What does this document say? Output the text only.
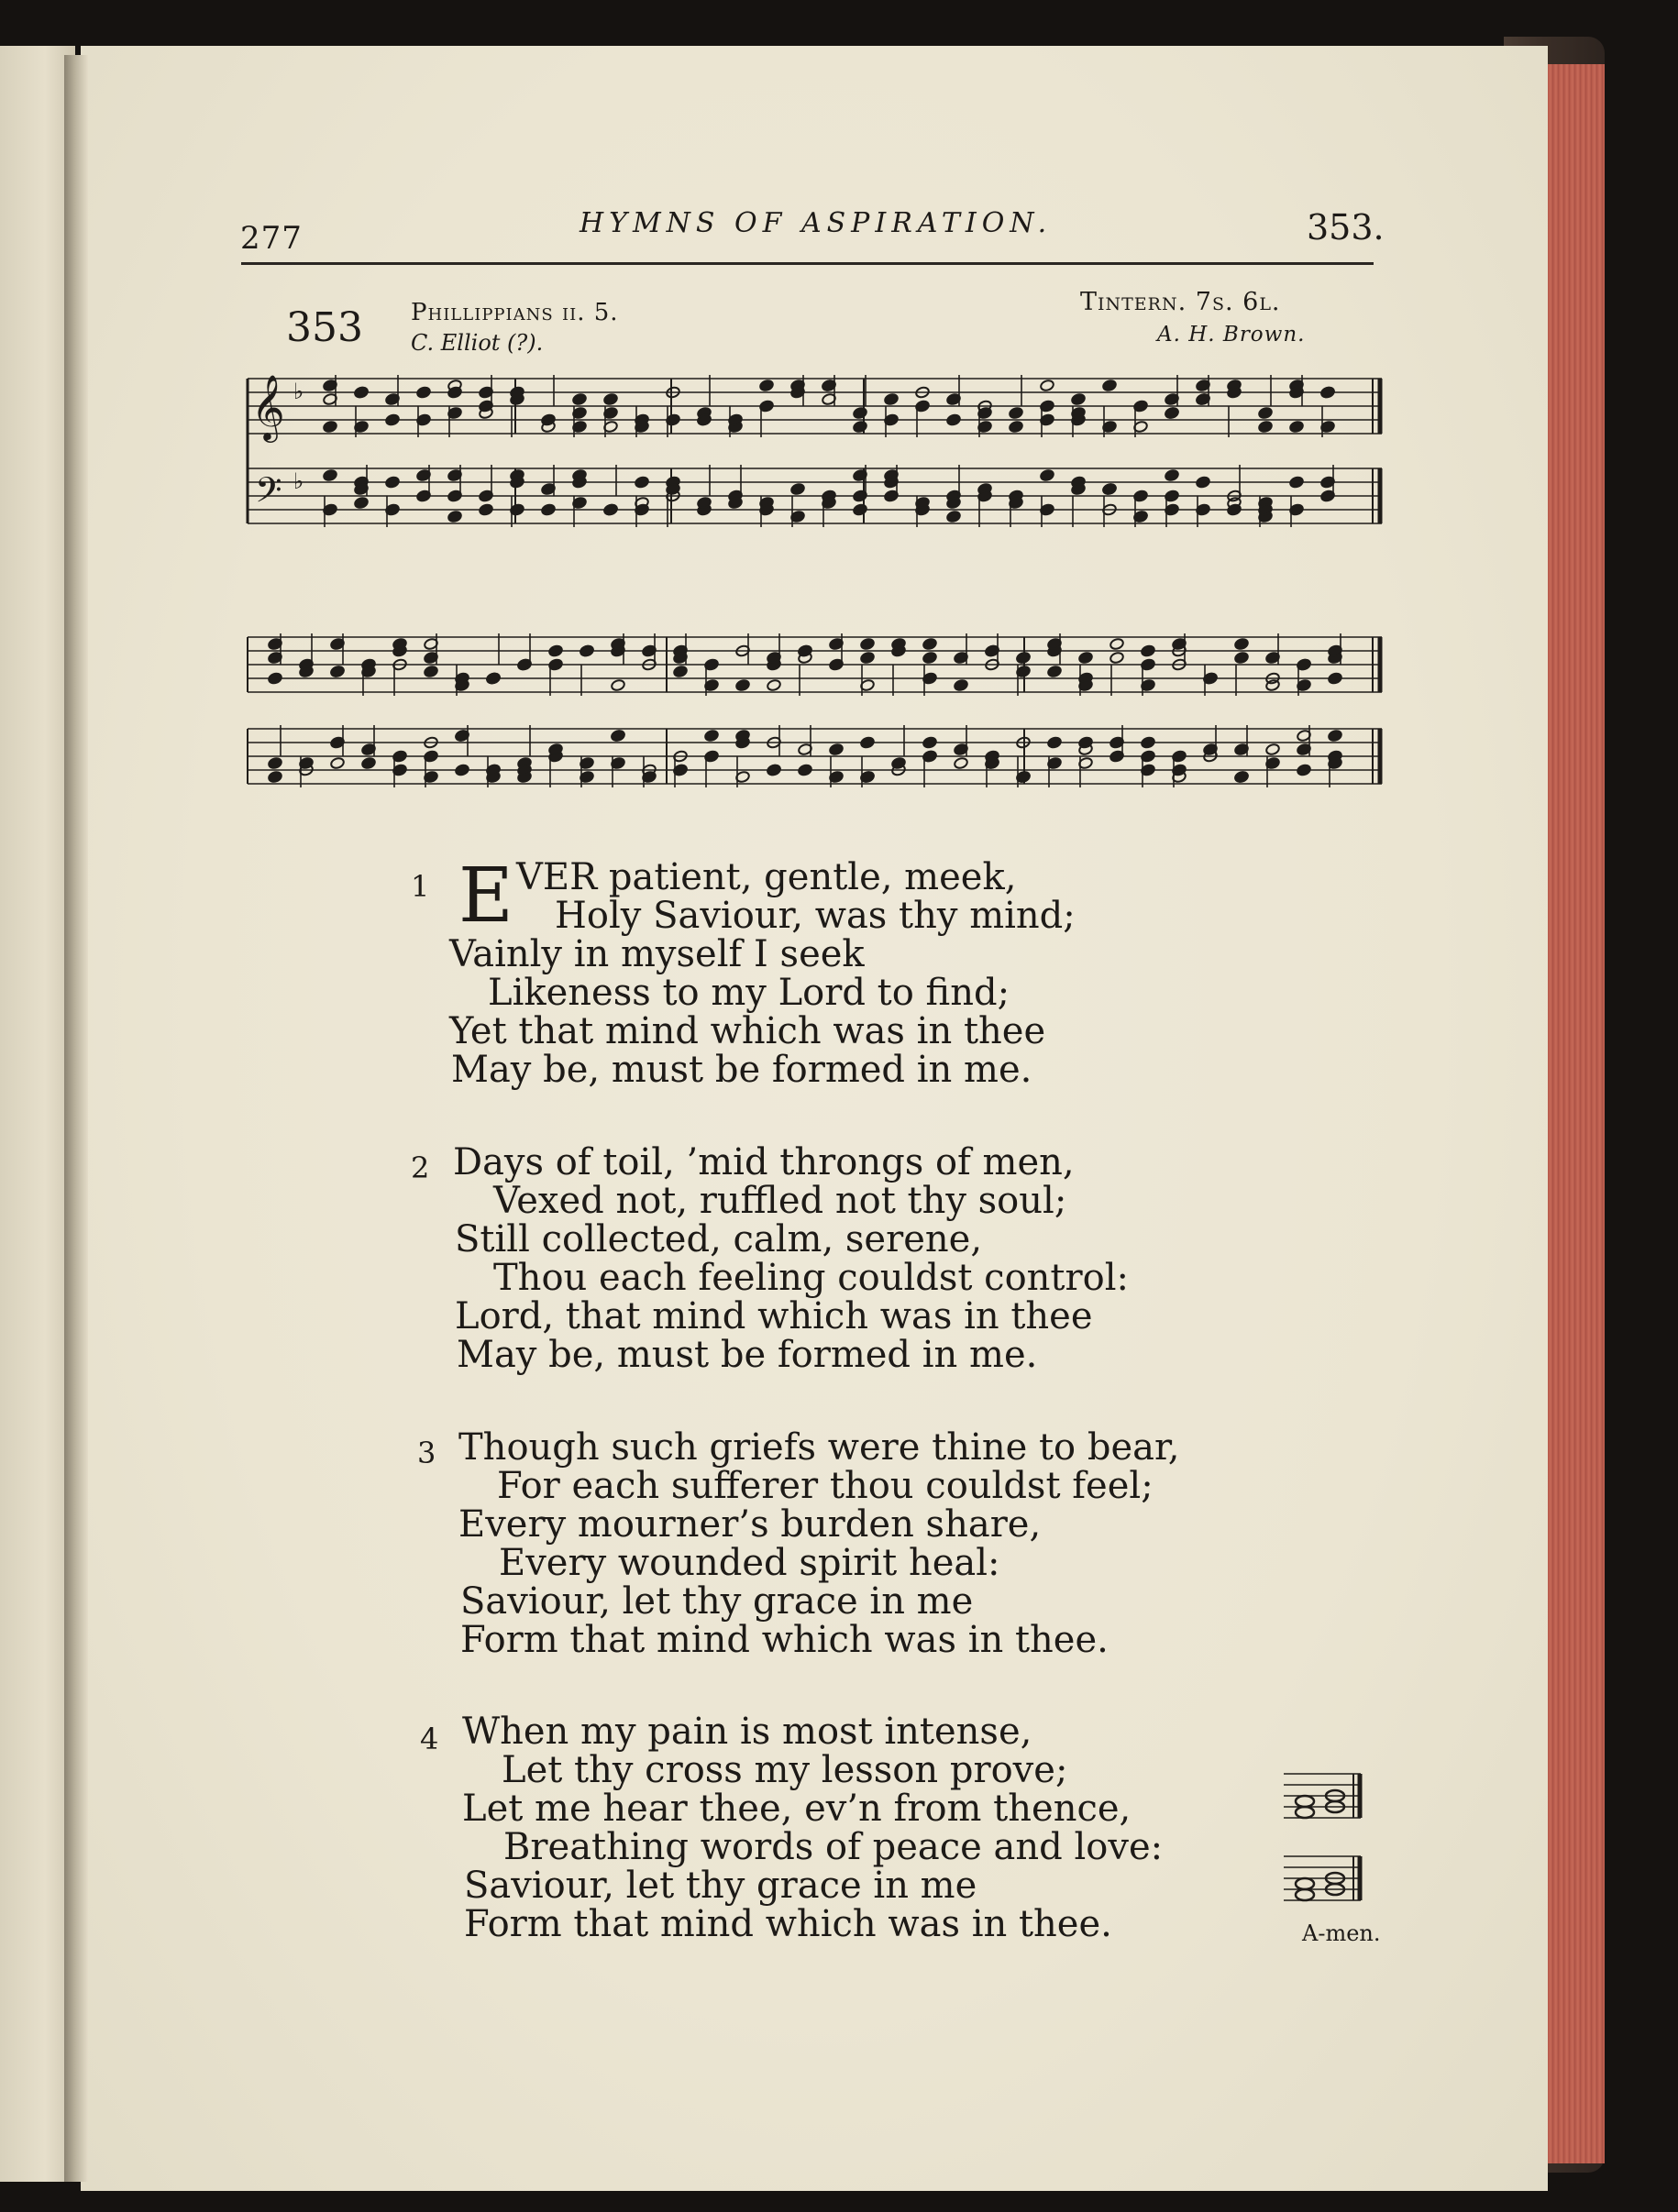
277	HYMNS OF ASPIRATION.	353.
353 Phillippians ii. 5.
C. Elliot (?).
Tintern. 7s. 6l.
A. H. Brown.
𝄞
𝄢
♭
♭
1 E VER patient, gentle, meek,
Holy Saviour, was thy mind;
Vainly in myself I seek
Likeness to my Lord to find;
Yet that mind which was in thee
May be, must be formed in me.
2 Days of toil, ’mid throngs of men,
Vexed not, ruffled not thy soul;
Still collected, calm, serene,
Thou each feeling couldst control:
Lord, that mind which was in thee
May be, must be formed in me.
3 Though such griefs were thine to bear,
For each sufferer thou couldst feel;
Every mourner’s burden share,
Every wounded spirit heal:
Saviour, let thy grace in me
Form that mind which was in thee.
4 When my pain is most intense,
Let thy cross my lesson prove;
Let me hear thee, ev’n from thence,
Breathing words of peace and love:
Saviour, let thy grace in me
Form that mind which was in thee.	A-men.
